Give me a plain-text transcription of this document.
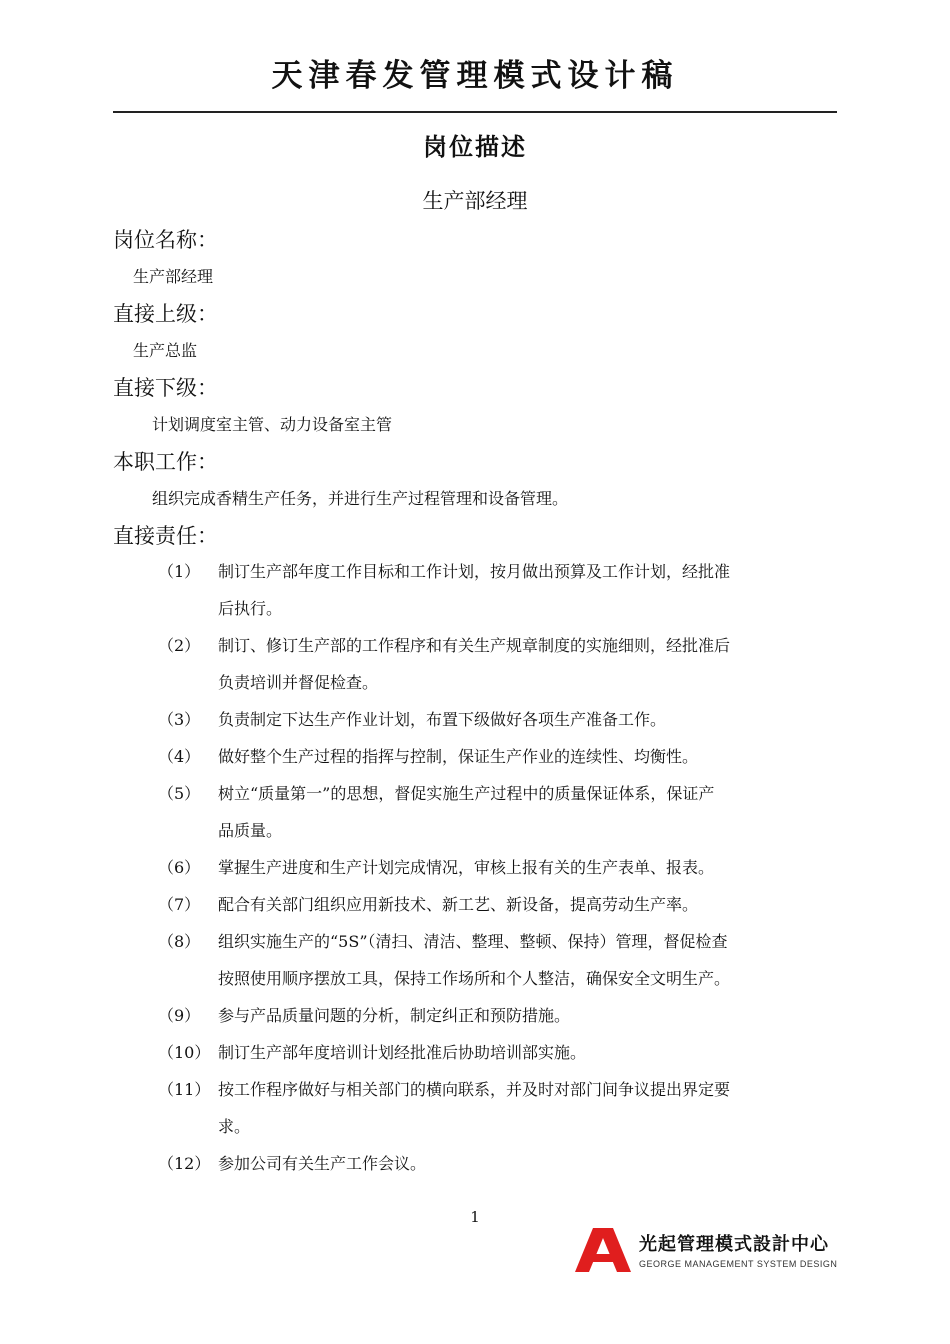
天津春发管理模式设计稿
岗位描述
生产部经理
岗位名称：
生产部经理
直接上级：
生产总监
直接下级：
计划调度室主管、动力设备室主管
本职工作：
组织完成香精生产任务，并进行生产过程管理和设备管理。
直接责任：
（1）	制订生产部年度工作目标和工作计划，按月做出预算及工作计划，经批准
后执行。
（2）	制订、修订生产部的工作程序和有关生产规章制度的实施细则，经批准后
负责培训并督促检查。
（3）	负责制定下达生产作业计划，布置下级做好各项生产准备工作。
（4）	做好整个生产过程的指挥与控制，保证生产作业的连续性、均衡性。
（5）	树立“质量第一”的思想，督促实施生产过程中的质量保证体系，保证产
品质量。
（6）	掌握生产进度和生产计划完成情况，审核上报有关的生产表单、报表。
（7）	配合有关部门组织应用新技术、新工艺、新设备，提高劳动生产率。
（8）	组织实施生产的“5S”（清扫、清洁、整理、整顿、保持）管理，督促检查
按照使用顺序摆放工具，保持工作场所和个人整洁，确保安全文明生产。
（9）	参与产品质量问题的分析，制定纠正和预防措施。
（10） 制订生产部年度培训计划经批准后协助培训部实施。
（11） 按工作程序做好与相关部门的横向联系，并及时对部门间争议提出界定要
求。
（12） 参加公司有关生产工作会议。
1
光起管理模式設計中心
GEORGE MANAGEMENT SYSTEM DESIGN
